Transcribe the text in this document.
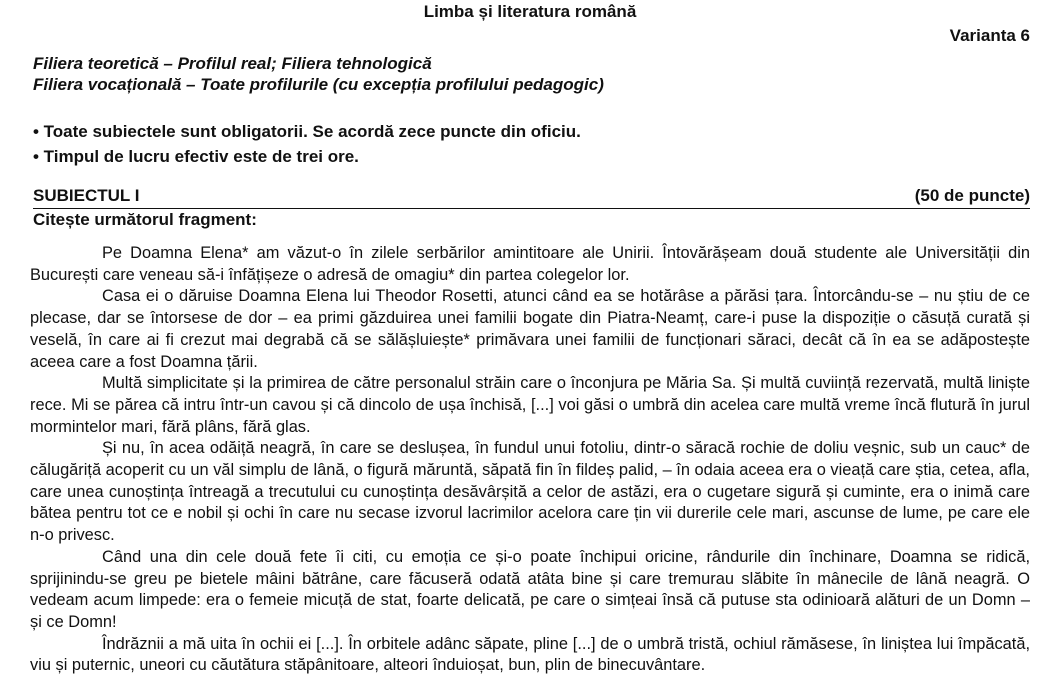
Limba și literatura română
Varianta 6
Filiera teoretică – Profilul real; Filiera tehnologică
Filiera vocațională – Toate profilurile (cu excepția profilului pedagogic)
• Toate subiectele sunt obligatorii. Se acordă zece puncte din oficiu.
• Timpul de lucru efectiv este de trei ore.
SUBIECTUL I	(50 de puncte)
Citește următorul fragment:

Pe Doamna Elena* am văzut-o în zilele serbărilor amintitoare ale Unirii. Întovărășeam două studente ale Universității din București care veneau să-i înfățișeze o adresă de omagiu* din partea colegelor lor.

Casa ei o dăruise Doamna Elena lui Theodor Rosetti, atunci când ea se hotărâse a părăsi țara. Întorcându-se – nu știu de ce plecase, dar se întorsese de dor – ea primi găzduirea unei familii bogate din Piatra-Neamț, care-i puse la dispoziție o căsuță curată și veselă, în care ai fi crezut mai degrabă că se sălășluiește* primăvara unei familii de funcționari săraci, decât că în ea se adăpostește aceea care a fost Doamna țării.

Multă simplicitate și la primirea de către personalul străin care o înconjura pe Măria Sa. Și multă cuviință rezervată, multă liniște rece. Mi se părea că intru într-un cavou și că dincolo de ușa închisă, [...] voi găsi o umbră din acelea care multă vreme încă flutură în jurul mormintelor mari, fără plâns, fără glas.

Și nu, în acea odăiță neagră, în care se deslușea, în fundul unui fotoliu, dintr-o săracă rochie de doliu veșnic, sub un cauc* de călugăriță acoperit cu un văl simplu de lână, o figură măruntă, săpată fin în fildeș palid, – în odaia aceea era o vieață care știa, cetea, afla, care unea cunoștința întreagă a trecutului cu cunoștința desăvârșită a celor de astăzi, era o cugetare sigură și cuminte, era o inimă care bătea pentru tot ce e nobil și ochi în care nu secase izvorul lacrimilor acelora care țin vii durerile cele mari, ascunse de lume, pe care ele n-o privesc.

Când una din cele două fete îi citi, cu emoția ce și-o poate închipui oricine, rândurile din închinare, Doamna se ridică, sprijinindu-se greu pe bietele mâini bătrâne, care făcuseră odată atâta bine și care tremurau slăbite în mânecile de lână neagră. O vedeam acum limpede: era o femeie micuță de stat, foarte delicată, pe care o simțeai însă că putuse sta odinioară alături de un Domn – și ce Domn!

Îndrăznii a mă uita în ochii ei [...]. În orbitele adânc săpate, pline [...] de o umbră tristă, ochiul rămăsese, în liniștea lui împăcată, viu și puternic, uneori cu căutătura stăpânitoare, alteori înduioșat, bun, plin de binecuvântare.
